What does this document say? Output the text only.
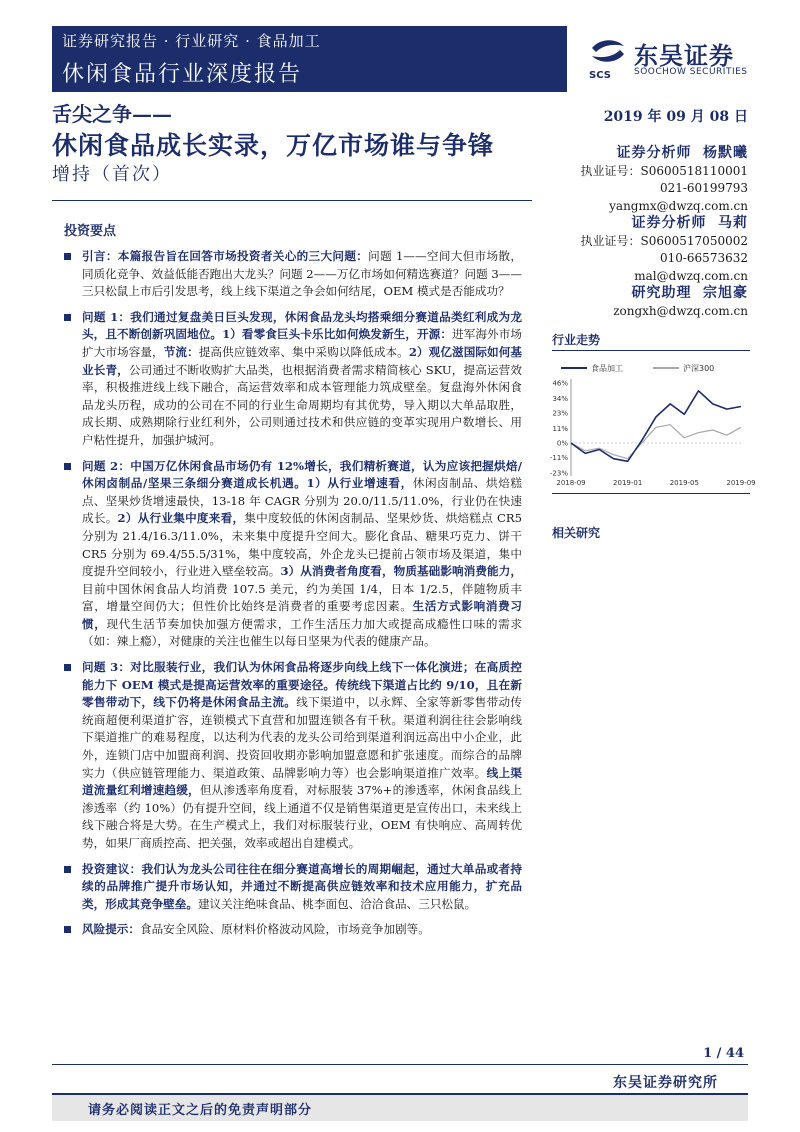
证券研究报告 · 行业研究 · 食品加工
休闲食品行业深度报告	SCS
东吴证券
SOOCHOW SECURITIES
舌尖之争——
休闲食品成长实录，万亿市场谁与争锋
增持（首次）
2019 年 09 月 08 日
证券分析师 杨默曦
执业证号：S0600518110001
021-60199793
yangmx@dwzq.com.cn
证券分析师 马莉
执业证号：S0600517050002
010-66573632
mal@dwzq.com.cn
研究助理 宗旭豪
zongxh@dwzq.com.cn
投资要点
引言：本篇报告旨在回答市场投资者关心的三大问题：问题 1——空间大但市场散，同质化竞争、效益低能否跑出大龙头？问题 2——万亿市场如何精选赛道？问题 3——三只松鼠上市后引发思考，线上线下渠道之争会如何结尾，OEM 模式是否能成功？
问题 1：我们通过复盘美日巨头发现，休闲食品龙头均搭乘细分赛道品类红利成为龙头，且不断创新巩固地位。1）看零食巨头卡乐比如何焕发新生，开源：进军海外市场扩大市场容量，节流：提高供应链效率、集中采购以降低成本。2）观亿滋国际如何基业长青，公司通过不断收购扩大品类，也根据消费者需求精简核心 SKU，提高运营效率，积极推进线上线下融合，高运营效率和成本管理能力筑成壁垒。复盘海外休闲食品龙头历程，成功的公司在不同的行业生命周期均有其优势，导入期以大单品取胜，成长期、成熟期除行业红利外，公司则通过技术和供应链的变革实现用户数增长、用户粘性提升，加强护城河。
问题 2：中国万亿休闲食品市场仍有 12%增长，我们精析赛道，认为应该把握烘焙/休闲卤制品/坚果三条细分赛道成长机遇。1）从行业增速看，休闲卤制品、烘焙糕点、坚果炒货增速最快，13-18 年 CAGR 分别为 20.0/11.5/11.0%，行业仍在快速成长。2）从行业集中度来看，集中度较低的休闲卤制品、坚果炒货、烘焙糕点 CR5 分别为 21.4/16.3/11.0%，未来集中度提升空间大。膨化食品、糖果巧克力、饼干 CR5 分别为 69.4/55.5/31%，集中度较高，外企龙头已提前占领市场及渠道，集中度提升空间较小，行业进入壁垒较高。3）从消费者角度看，物质基础影响消费能力，目前中国休闲食品人均消费 107.5 美元，约为美国 1/4，日本 1/2.5，伴随物质丰富，增量空间仍大；但性价比始终是消费者的重要考虑因素。生活方式影响消费习惯，现代生活节奏加快加强方便需求，工作生活压力加大或提高成瘾性口味的需求（如：辣上瘾），对健康的关注也催生以每日坚果为代表的健康产品。
问题 3：对比服装行业，我们认为休闲食品将逐步向线上线下一体化演进；在高质控能力下 OEM 模式是提高运营效率的重要途径。传统线下渠道占比约 9/10，且在新零售带动下，线下仍将是休闲食品主流。线下渠道中，以永辉、全家等新零售带动传统商超便利渠道扩容，连锁模式下直营和加盟连锁各有千秋。渠道利润往往会影响线下渠道推广的难易程度，以达利为代表的龙头公司给到渠道利润远高出中小企业，此外，连锁门店中加盟商利润、投资回收期亦影响加盟意愿和扩张速度。而综合的品牌实力（供应链管理能力、渠道政策、品牌影响力等）也会影响渠道推广效率。线上渠道流量红利增速趋缓，但从渗透率角度看，对标服装 37%+的渗透率，休闲食品线上渗透率（约 10%）仍有提升空间，线上通道不仅是销售渠道更是宣传出口，未来线上线下融合将是大势。在生产模式上，我们对标服装行业，OEM 有快响应、高周转优势，如果厂商质控高、把关强，效率或超出自建模式。
投资建议：我们认为龙头公司往往在细分赛道高增长的周期崛起，通过大单品或者持续的品牌推广提升市场认知，并通过不断提高供应链效率和技术应用能力，扩充品类，形成其竞争壁垒。建议关注绝味食品、桃李面包、洽洽食品、三只松鼠。
风险提示：食品安全风险、原材料价格波动风险，市场竞争加剧等。
行业走势
食品加工	沪深300
46%
34%
23%
11%
0%
-11%
-23%
2018-09	2019-01	2019-05	2019-09
相关研究
1 / 44
东吴证券研究所
请务必阅读正文之后的免责声明部分
